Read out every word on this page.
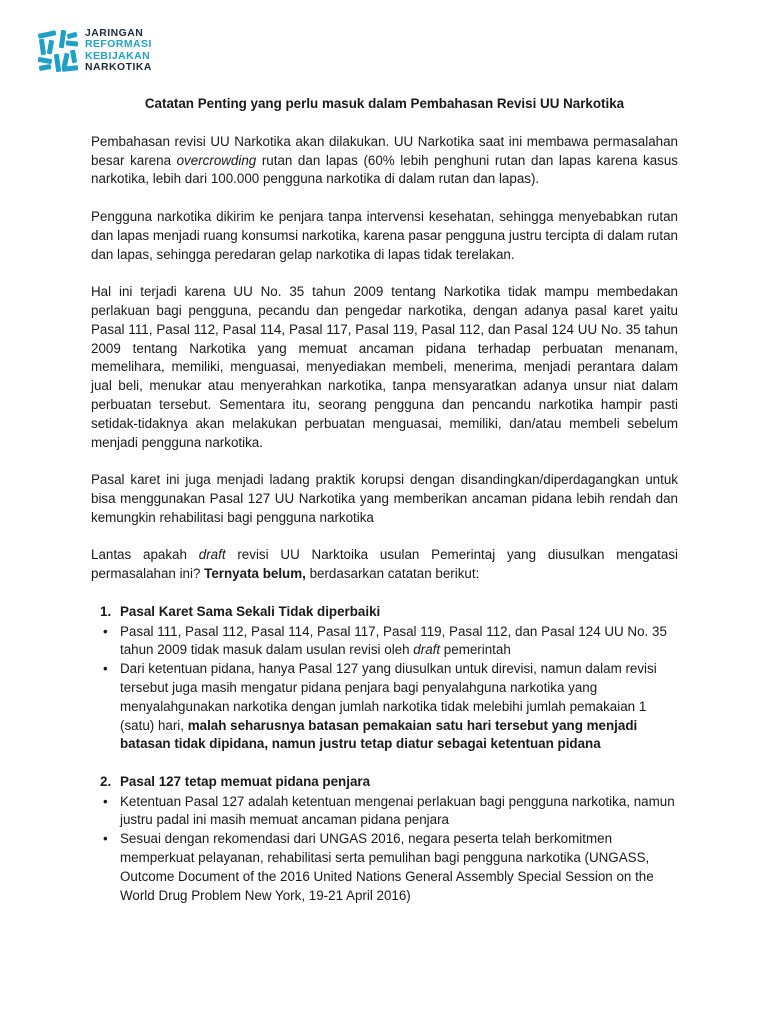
JARINGAN
REFORMASI
KEBIJAKAN
NARKOTIKA
Catatan Penting yang perlu masuk dalam Pembahasan Revisi UU Narkotika

Pembahasan revisi UU Narkotika akan dilakukan. UU Narkotika saat ini membawa permasalahan besar karena overcrowding rutan dan lapas (60% lebih penghuni rutan dan lapas karena kasus narkotika, lebih dari 100.000 pengguna narkotika di dalam rutan dan lapas).

Pengguna narkotika dikirim ke penjara tanpa intervensi kesehatan, sehingga menyebabkan rutan dan lapas menjadi ruang konsumsi narkotika, karena pasar pengguna justru tercipta di dalam rutan dan lapas, sehingga peredaran gelap narkotika di lapas tidak terelakan.

Hal ini terjadi karena UU No. 35 tahun 2009 tentang Narkotika tidak mampu membedakan perlakuan bagi pengguna, pecandu dan pengedar narkotika, dengan adanya pasal karet yaitu Pasal 111, Pasal 112, Pasal 114, Pasal 117, Pasal 119, Pasal 112, dan Pasal 124 UU No. 35 tahun 2009 tentang Narkotika yang memuat ancaman pidana terhadap perbuatan menanam, memelihara, memiliki, menguasai, menyediakan membeli, menerima, menjadi perantara dalam jual beli, menukar atau menyerahkan narkotika, tanpa mensyaratkan adanya unsur niat dalam perbuatan tersebut. Sementara itu, seorang pengguna dan pencandu narkotika hampir pasti setidak-tidaknya akan melakukan perbuatan menguasai, memiliki, dan/atau membeli sebelum menjadi pengguna narkotika.

Pasal karet ini juga menjadi ladang praktik korupsi dengan disandingkan/diperdagangkan untuk bisa menggunakan Pasal 127 UU Narkotika yang memberikan ancaman pidana lebih rendah dan kemungkin rehabilitasi bagi pengguna narkotika

Lantas apakah draft revisi UU Narktoika usulan Pemerintaj yang diusulkan mengatasi permasalahan ini? Ternyata belum, berdasarkan catatan berikut:

1. Pasal Karet Sama Sekali Tidak diperbaiki
• Pasal 111, Pasal 112, Pasal 114, Pasal 117, Pasal 119, Pasal 112, dan Pasal 124 UU No. 35 tahun 2009 tidak masuk dalam usulan revisi oleh draft pemerintah
• Dari ketentuan pidana, hanya Pasal 127 yang diusulkan untuk direvisi, namun dalam revisi tersebut juga masih mengatur pidana penjara bagi penyalahguna narkotika yang menyalahgunakan narkotika dengan jumlah narkotika tidak melebihi jumlah pemakaian 1 (satu) hari, malah seharusnya batasan pemakaian satu hari tersebut yang menjadi batasan tidak dipidana, namun justru tetap diatur sebagai ketentuan pidana
2. Pasal 127 tetap memuat pidana penjara
• Ketentuan Pasal 127 adalah ketentuan mengenai perlakuan bagi pengguna narkotika, namun justru padal ini masih memuat ancaman pidana penjara
• Sesuai dengan rekomendasi dari UNGAS 2016, negara peserta telah berkomitmen memperkuat pelayanan, rehabilitasi serta pemulihan bagi pengguna narkotika (UNGASS, Outcome Document of the 2016 United Nations General Assembly Special Session on the World Drug Problem New York, 19-21 April 2016)
